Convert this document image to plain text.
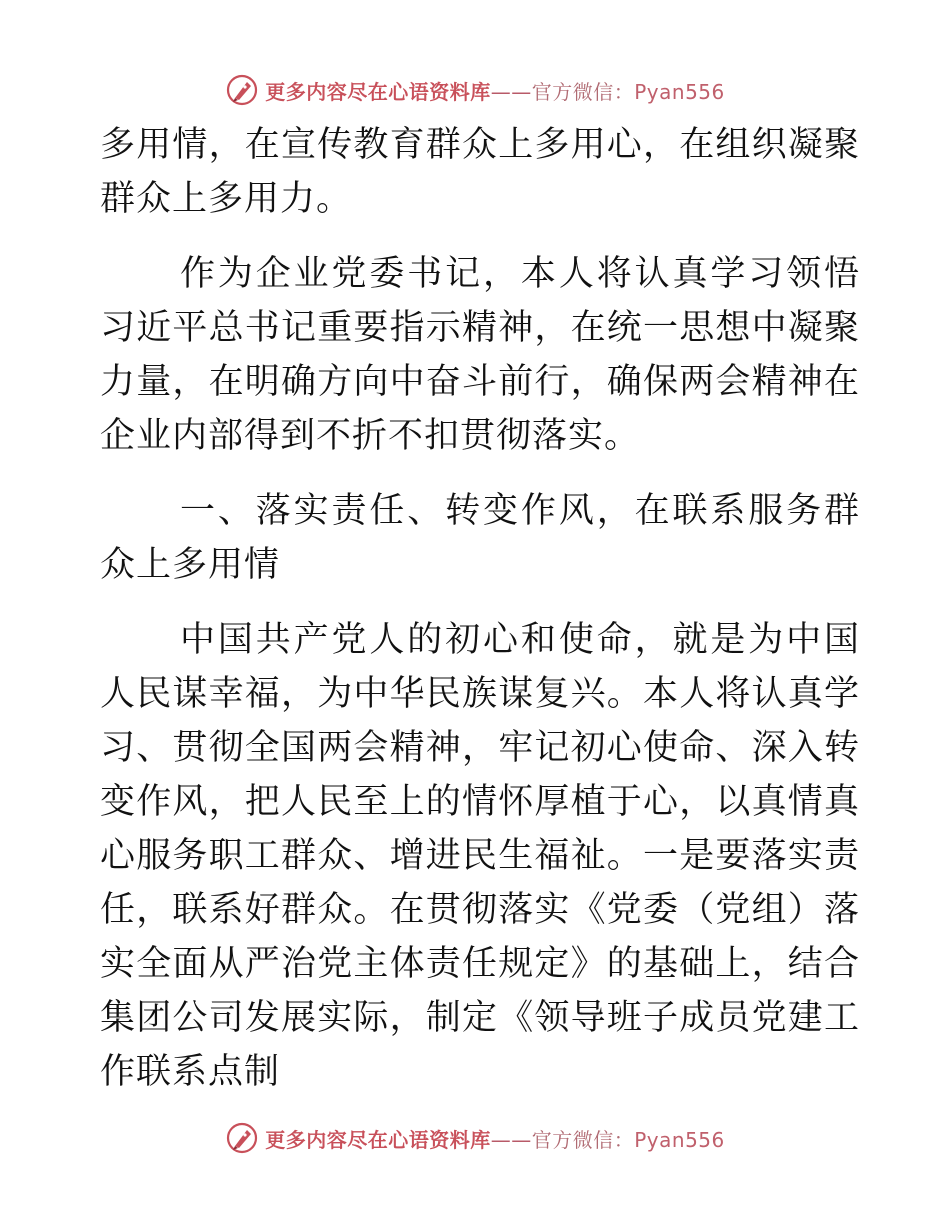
更多内容尽在心语资料库——官方微信：Pyan556

多用情，在宣传教育群众上多用心，在组织凝聚群众上多用力。

作为企业党委书记，本人将认真学习领悟习近平总书记重要指示精神，在统一思想中凝聚力量，在明确方向中奋斗前行，确保两会精神在企业内部得到不折不扣贯彻落实。

一、落实责任、转变作风，在联系服务群众上多用情

中国共产党人的初心和使命，就是为中国人民谋幸福，为中华民族谋复兴。本人将认真学习、贯彻全国两会精神，牢记初心使命、深入转变作风，把人民至上的情怀厚植于心，以真情真心服务职工群众、增进民生福祉。一是要落实责任，联系好群众。在贯彻落实《党委（党组）落实全面从严治党主体责任规定》的基础上，结合集团公司发展实际，制定《领导班子成员党建工作联系点制

更多内容尽在心语资料库——官方微信：Pyan556
